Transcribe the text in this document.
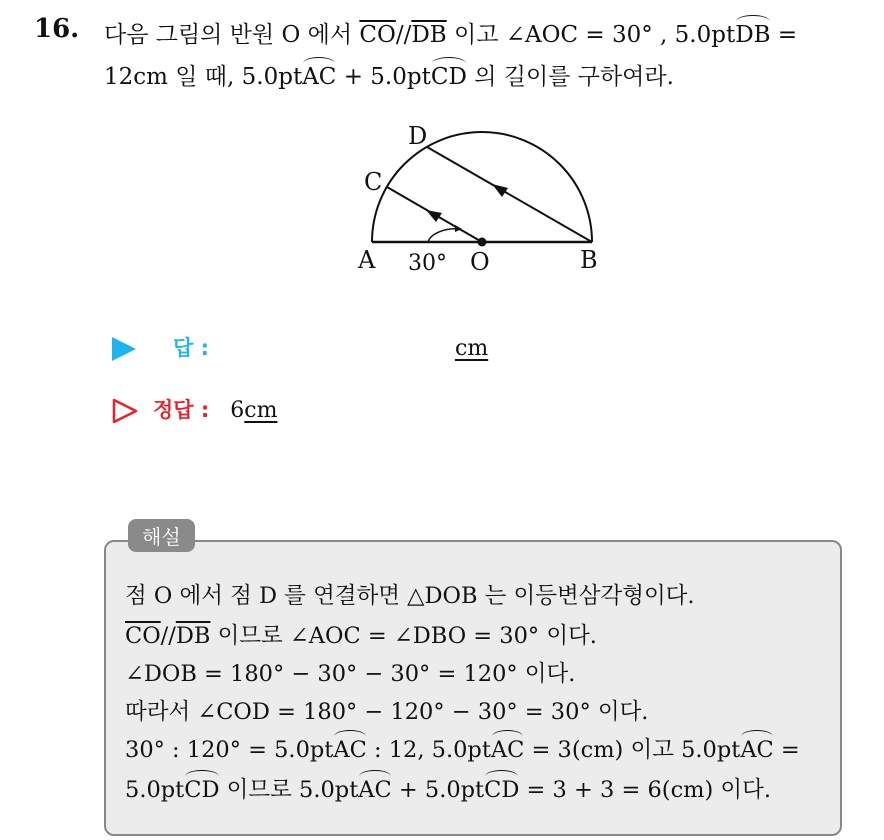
16. 다음 그림의 반원 O 에서 $\overline{CO}//\overline{DB}$ 이고 ∠AOC = 30° , 5.0ptDB =
12cm 일 때, 5.0ptAC + 5.0ptCD 의 길이를 구하여라.
A	B
C
D
O
30°
답 :	cm
정답 : 6cm
해설
점 O 에서 점 D 를 연결하면 △DOB 는 이등변삼각형이다.
$\overline{CO}//\overline{DB}$ 이므로 ∠AOC = ∠DBO = 30° 이다.
∠DOB = 180° − 30° − 30° = 120° 이다.
따라서 ∠COD = 180° − 120° − 30° = 30° 이다.
30° : 120° = 5.0ptAC : 12, 5.0ptAC = 3(cm) 이고 5.0ptAC =
5.0ptCD 이므로 5.0ptAC + 5.0ptCD = 3 + 3 = 6(cm) 이다.
